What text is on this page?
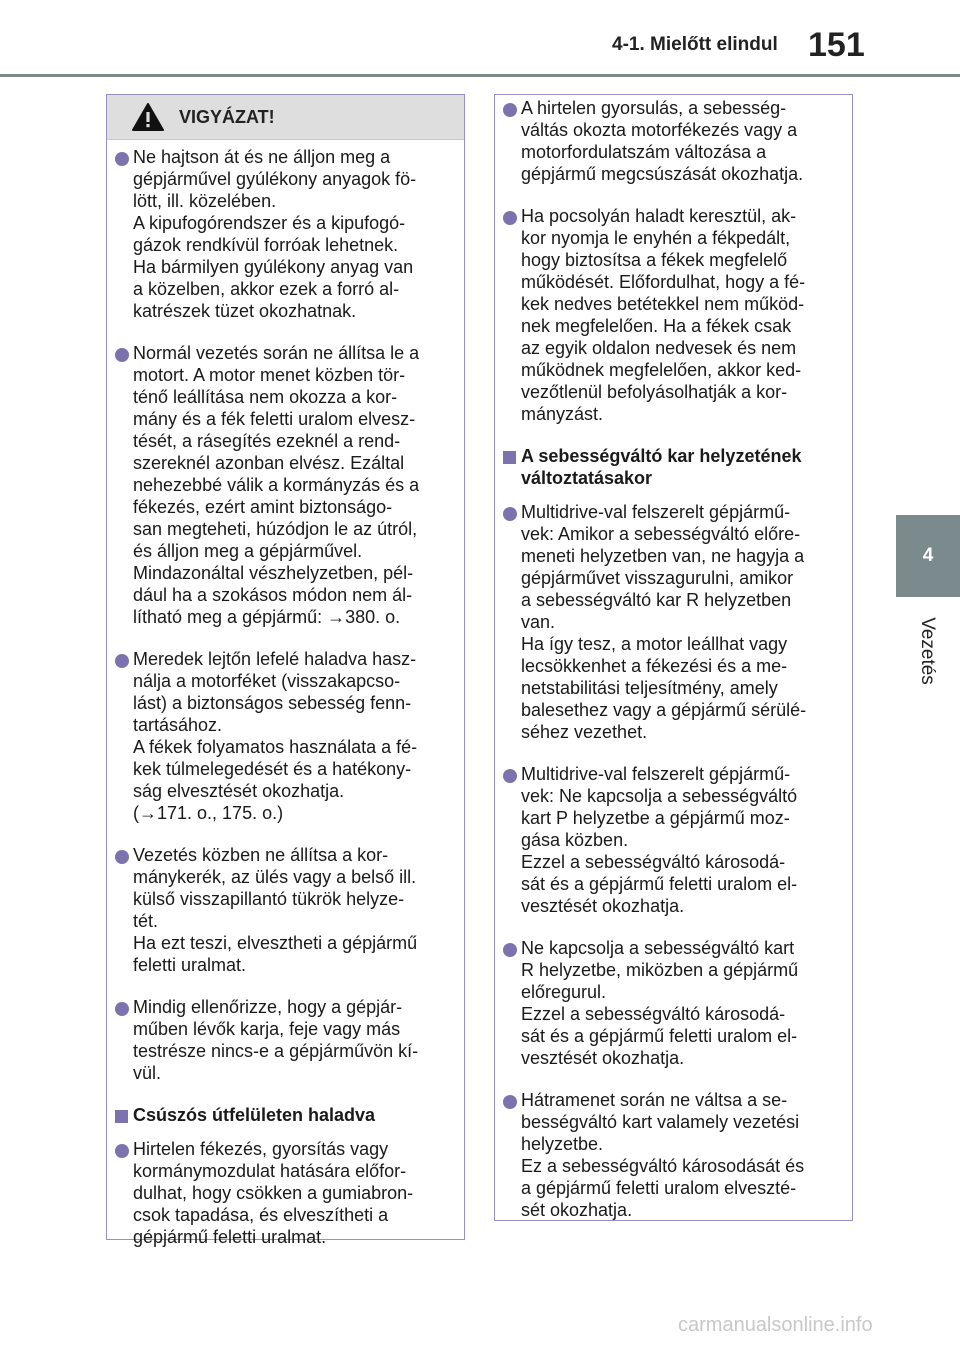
4-1. Mielőtt elindul 151
4
Vezetés
VIGYÁZAT!
Ne hajtson át és ne álljon meg a
gépjárművel gyúlékony anyagok fö-
lött, ill. közelében.
A kipufogórendszer és a kipufogó-
gázok rendkívül forróak lehetnek.
Ha bármilyen gyúlékony anyag van
a közelben, akkor ezek a forró al-
katrészek tüzet okozhatnak.
Normál vezetés során ne állítsa le a
motort. A motor menet közben tör-
ténő leállítása nem okozza a kor-
mány és a fék feletti uralom elvesz-
tését, a rásegítés ezeknél a rend-
szereknél azonban elvész. Ezáltal
nehezebbé válik a kormányzás és a
fékezés, ezért amint biztonságo-
san megteheti, húzódjon le az útról,
és álljon meg a gépjárművel.
Mindazonáltal vészhelyzetben, pél-
dául ha a szokásos módon nem ál-
lítható meg a gépjármű: →380. o.
Meredek lejtőn lefelé haladva hasz-
nálja a motorféket (visszakapcso-
lást) a biztonságos sebesség fenn-
tartásához.
A fékek folyamatos használata a fé-
kek túlmelegedését és a hatékony-
ság elvesztését okozhatja.
(→171. o., 175. o.)
Vezetés közben ne állítsa a kor-
mánykerék, az ülés vagy a belső ill.
külső visszapillantó tükrök helyze-
tét.
Ha ezt teszi, elvesztheti a gépjármű
feletti uralmat.
Mindig ellenőrizze, hogy a gépjár-
műben lévők karja, feje vagy más
testrésze nincs-e a gépjárművön kí-
vül.
Csúszós útfelületen haladva
Hirtelen fékezés, gyorsítás vagy
kormánymozdulat hatására előfor-
dulhat, hogy csökken a gumiabron-
csok tapadása, és elveszítheti a
gépjármű feletti uralmat.
A hirtelen gyorsulás, a sebesség-
váltás okozta motorfékezés vagy a
motorfordulatszám változása a
gépjármű megcsúszását okozhatja.
Ha pocsolyán haladt keresztül, ak-
kor nyomja le enyhén a fékpedált,
hogy biztosítsa a fékek megfelelő
működését. Előfordulhat, hogy a fé-
kek nedves betétekkel nem működ-
nek megfelelően. Ha a fékek csak
az egyik oldalon nedvesek és nem
működnek megfelelően, akkor ked-
vezőtlenül befolyásolhatják a kor-
mányzást.
A sebességváltó kar helyzetének
változtatásakor
Multidrive-val felszerelt gépjármű-
vek: Amikor a sebességváltó előre-
meneti helyzetben van, ne hagyja a
gépjárművet visszagurulni, amikor
a sebességváltó kar R helyzetben
van.
Ha így tesz, a motor leállhat vagy
lecsökkenhet a fékezési és a me-
netstabilitási teljesítmény, amely
balesethez vagy a gépjármű sérülé-
séhez vezethet.
Multidrive-val felszerelt gépjármű-
vek: Ne kapcsolja a sebességváltó
kart P helyzetbe a gépjármű moz-
gása közben.
Ezzel a sebességváltó károsodá-
sát és a gépjármű feletti uralom el-
vesztését okozhatja.
Ne kapcsolja a sebességváltó kart
R helyzetbe, miközben a gépjármű
előregurul.
Ezzel a sebességváltó károsodá-
sát és a gépjármű feletti uralom el-
vesztését okozhatja.
Hátramenet során ne váltsa a se-
bességváltó kart valamely vezetési
helyzetbe.
Ez a sebességváltó károsodását és
a gépjármű feletti uralom elveszté-
sét okozhatja.
carmanualsonline.info
